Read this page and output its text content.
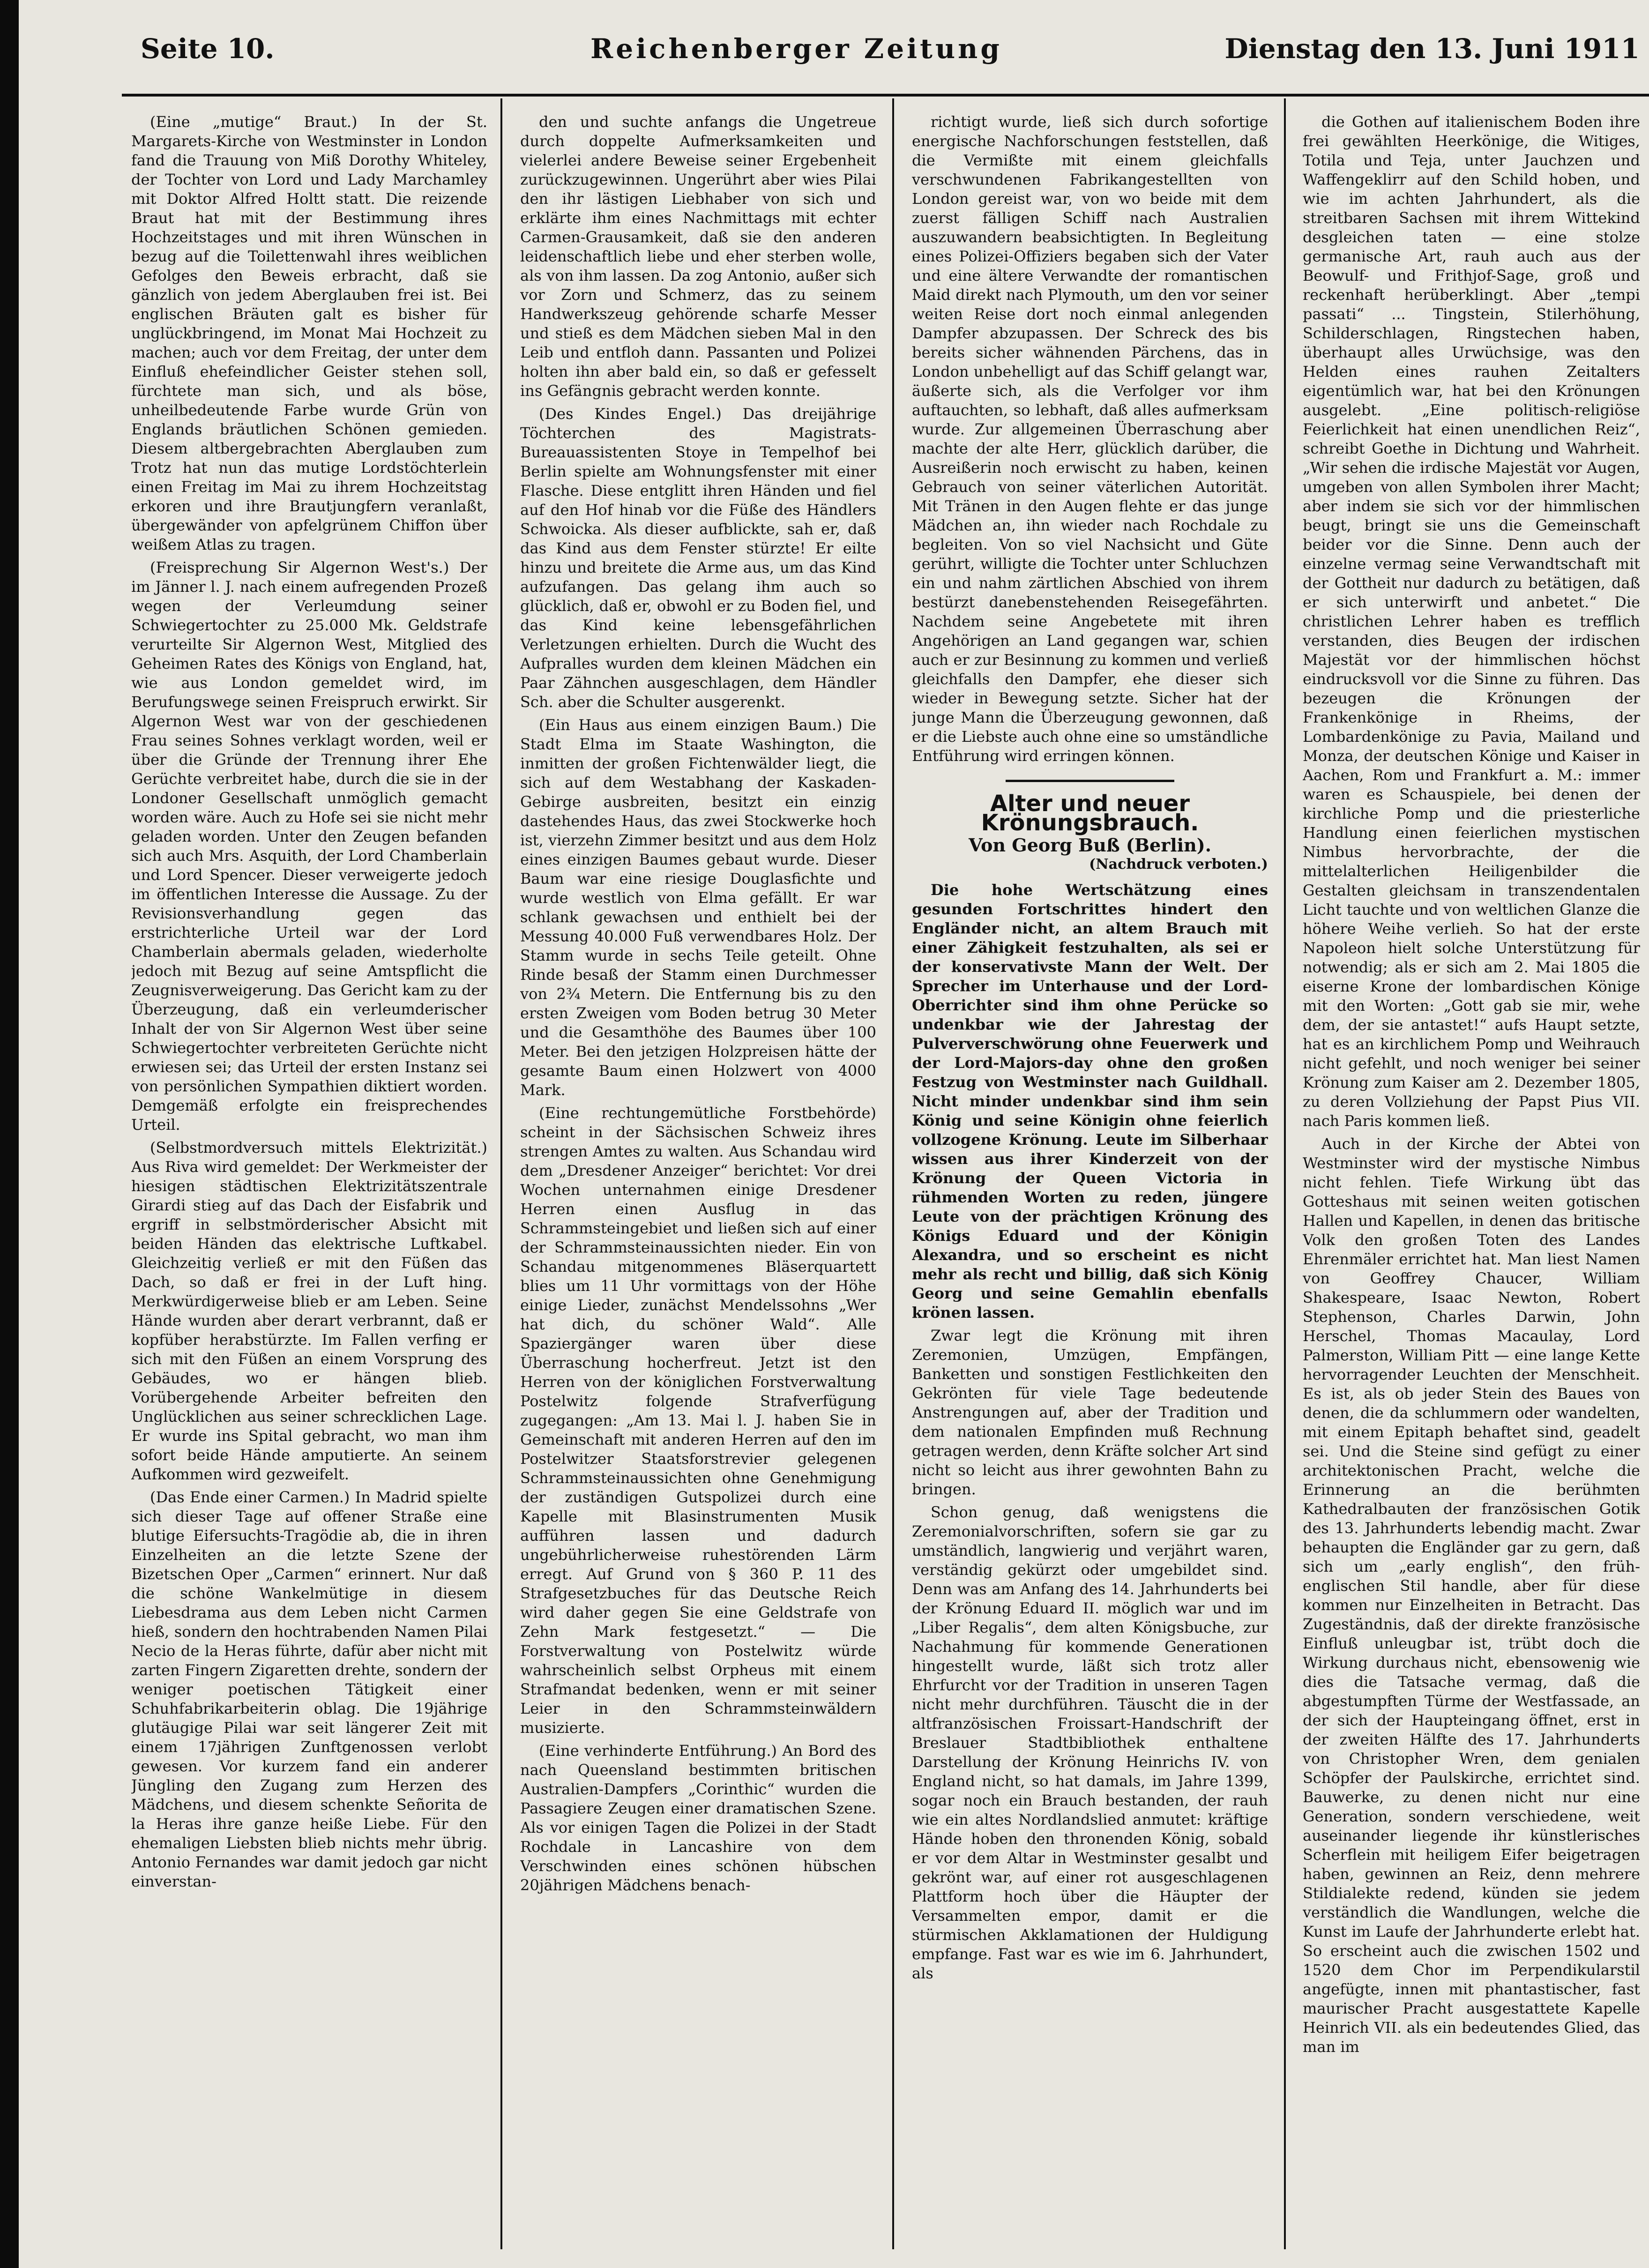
Seite 10.	Reichenberger Zeitung	Dienstag den 13. Juni 1911

(Eine „mutige“ Braut.) In der St. Margarets-Kirche von Westminster in London fand die Trauung von Miß Dorothy Whiteley, der Tochter von Lord und Lady Marchamley mit Doktor Alfred Holtt statt. Die reizende Braut hat mit der Bestimmung ihres Hochzeitstages und mit ihren Wünschen in bezug auf die Toilettenwahl ihres weiblichen Gefolges den Beweis erbracht, daß sie gänzlich von jedem Aberglauben frei ist. Bei englischen Bräuten galt es bisher für unglückbringend, im Monat Mai Hochzeit zu machen; auch vor dem Freitag, der unter dem Einfluß ehefeindlicher Geister stehen soll, fürchtete man sich, und als böse, unheilbedeutende Farbe wurde Grün von Englands bräutlichen Schönen gemieden. Diesem altbergebrachten Aberglauben zum Trotz hat nun das mutige Lordstöchterlein einen Freitag im Mai zu ihrem Hochzeitstag erkoren und ihre Brautjungfern veranlaßt, übergewänder von apfelgrünem Chiffon über weißem Atlas zu tragen.

(Freisprechung Sir Algernon West's.) Der im Jänner l. J. nach einem aufregenden Prozeß wegen der Verleumdung seiner Schwiegertochter zu 25.000 Mk. Geldstrafe verurteilte Sir Algernon West, Mitglied des Geheimen Rates des Königs von England, hat, wie aus London gemeldet wird, im Berufungswege seinen Freispruch erwirkt. Sir Algernon West war von der geschiedenen Frau seines Sohnes verklagt worden, weil er über die Gründe der Trennung ihrer Ehe Gerüchte verbreitet habe, durch die sie in der Londoner Gesellschaft unmöglich gemacht worden wäre. Auch zu Hofe sei sie nicht mehr geladen worden. Unter den Zeugen befanden sich auch Mrs. Asquith, der Lord Chamberlain und Lord Spencer. Dieser verweigerte jedoch im öffentlichen Interesse die Aussage. Zu der Revisionsverhandlung gegen das erstrichterliche Urteil war der Lord Chamberlain abermals geladen, wiederholte jedoch mit Bezug auf seine Amtspflicht die Zeugnisverweigerung. Das Gericht kam zu der Überzeugung, daß ein verleumderischer Inhalt der von Sir Algernon West über seine Schwiegertochter verbreiteten Gerüchte nicht erwiesen sei; das Urteil der ersten Instanz sei von persönlichen Sympathien diktiert worden. Demgemäß erfolgte ein freisprechendes Urteil.

(Selbstmordversuch mittels Elektrizität.) Aus Riva wird gemeldet: Der Werkmeister der hiesigen städtischen Elektrizitätszentrale Girardi stieg auf das Dach der Eisfabrik und ergriff in selbstmörderischer Absicht mit beiden Händen das elektrische Luftkabel. Gleichzeitig verließ er mit den Füßen das Dach, so daß er frei in der Luft hing. Merkwürdigerweise blieb er am Leben. Seine Hände wurden aber derart verbrannt, daß er kopfüber herabstürzte. Im Fallen verfing er sich mit den Füßen an einem Vorsprung des Gebäudes, wo er hängen blieb. Vorübergehende Arbeiter befreiten den Unglücklichen aus seiner schrecklichen Lage. Er wurde ins Spital gebracht, wo man ihm sofort beide Hände amputierte. An seinem Aufkommen wird gezweifelt.

(Das Ende einer Carmen.) In Madrid spielte sich dieser Tage auf offener Straße eine blutige Eifersuchts-Tragödie ab, die in ihren Einzelheiten an die letzte Szene der Bizetschen Oper „Carmen“ erinnert. Nur daß die schöne Wankelmütige in diesem Liebesdrama aus dem Leben nicht Carmen hieß, sondern den hochtrabenden Namen Pilai Necio de la Heras führte, dafür aber nicht mit zarten Fingern Zigaretten drehte, sondern der weniger poetischen Tätigkeit einer Schuhfabrikarbeiterin oblag. Die 19jährige glutäugige Pilai war seit längerer Zeit mit einem 17jährigen Zunftgenossen verlobt gewesen. Vor kurzem fand ein anderer Jüngling den Zugang zum Herzen des Mädchens, und diesem schenkte Señorita de la Heras ihre ganze heiße Liebe. Für den ehemaligen Liebsten blieb nichts mehr übrig. Antonio Fernandes war damit jedoch gar nicht einverstan-

den und suchte anfangs die Ungetreue durch doppelte Aufmerksamkeiten und vielerlei andere Beweise seiner Ergebenheit zurückzugewinnen. Ungerührt aber wies Pilai den ihr lästigen Liebhaber von sich und erklärte ihm eines Nachmittags mit echter Carmen-Grausamkeit, daß sie den anderen leidenschaftlich liebe und eher sterben wolle, als von ihm lassen. Da zog Antonio, außer sich vor Zorn und Schmerz, das zu seinem Handwerkszeug gehörende scharfe Messer und stieß es dem Mädchen sieben Mal in den Leib und entfloh dann. Passanten und Polizei holten ihn aber bald ein, so daß er gefesselt ins Gefängnis gebracht werden konnte.

(Des Kindes Engel.) Das dreijährige Töchterchen des Magistrats-Bureauassistenten Stoye in Tempelhof bei Berlin spielte am Wohnungsfenster mit einer Flasche. Diese entglitt ihren Händen und fiel auf den Hof hinab vor die Füße des Händlers Schwoicka. Als dieser aufblickte, sah er, daß das Kind aus dem Fenster stürzte! Er eilte hinzu und breitete die Arme aus, um das Kind aufzufangen. Das gelang ihm auch so glücklich, daß er, obwohl er zu Boden fiel, und das Kind keine lebensgefährlichen Verletzungen erhielten. Durch die Wucht des Aufpralles wurden dem kleinen Mädchen ein Paar Zähnchen ausgeschlagen, dem Händler Sch. aber die Schulter ausgerenkt.

(Ein Haus aus einem einzigen Baum.) Die Stadt Elma im Staate Washington, die inmitten der großen Fichtenwälder liegt, die sich auf dem Westabhang der Kaskaden-Gebirge ausbreiten, besitzt ein einzig dastehendes Haus, das zwei Stockwerke hoch ist, vierzehn Zimmer besitzt und aus dem Holz eines einzigen Baumes gebaut wurde. Dieser Baum war eine riesige Douglasfichte und wurde westlich von Elma gefällt. Er war schlank gewachsen und enthielt bei der Messung 40.000 Fuß verwendbares Holz. Der Stamm wurde in sechs Teile geteilt. Ohne Rinde besaß der Stamm einen Durchmesser von 2¾ Metern. Die Entfernung bis zu den ersten Zweigen vom Boden betrug 30 Meter und die Gesamthöhe des Baumes über 100 Meter. Bei den jetzigen Holzpreisen hätte der gesamte Baum einen Holzwert von 4000 Mark.

(Eine rechtungemütliche Forstbehörde) scheint in der Sächsischen Schweiz ihres strengen Amtes zu walten. Aus Schandau wird dem „Dresdener Anzeiger“ berichtet: Vor drei Wochen unternahmen einige Dresdener Herren einen Ausflug in das Schrammsteingebiet und ließen sich auf einer der Schrammsteinaussichten nieder. Ein von Schandau mitgenommenes Bläserquartett blies um 11 Uhr vormittags von der Höhe einige Lieder, zunächst Mendelssohns „Wer hat dich, du schöner Wald“. Alle Spaziergänger waren über diese Überraschung hocherfreut. Jetzt ist den Herren von der königlichen Forstverwaltung Postelwitz folgende Strafverfügung zugegangen: „Am 13. Mai l. J. haben Sie in Gemeinschaft mit anderen Herren auf den im Postelwitzer Staatsforstrevier gelegenen Schrammsteinaussichten ohne Genehmigung der zuständigen Gutspolizei durch eine Kapelle mit Blasinstrumenten Musik aufführen lassen und dadurch ungebührlicherweise ruhestörenden Lärm erregt. Auf Grund von § 360 P. 11 des Strafgesetzbuches für das Deutsche Reich wird daher gegen Sie eine Geldstrafe von Zehn Mark festgesetzt.“ — Die Forstverwaltung von Postelwitz würde wahrscheinlich selbst Orpheus mit einem Strafmandat bedenken, wenn er mit seiner Leier in den Schrammsteinwäldern musizierte.

(Eine verhinderte Entführung.) An Bord des nach Queensland bestimmten britischen Australien-Dampfers „Corinthic“ wurden die Passagiere Zeugen einer dramatischen Szene. Als vor einigen Tagen die Polizei in der Stadt Rochdale in Lancashire von dem Verschwinden eines schönen hübschen 20jährigen Mädchens benach-

richtigt wurde, ließ sich durch sofortige energische Nachforschungen feststellen, daß die Vermißte mit einem gleichfalls verschwundenen Fabrikangestellten von London gereist war, von wo beide mit dem zuerst fälligen Schiff nach Australien auszuwandern beabsichtigten. In Begleitung eines Polizei-Offiziers begaben sich der Vater und eine ältere Verwandte der romantischen Maid direkt nach Plymouth, um den vor seiner weiten Reise dort noch einmal anlegenden Dampfer abzupassen. Der Schreck des bis bereits sicher wähnenden Pärchens, das in London unbehelligt auf das Schiff gelangt war, äußerte sich, als die Verfolger vor ihm auftauchten, so lebhaft, daß alles aufmerksam wurde. Zur allgemeinen Überraschung aber machte der alte Herr, glücklich darüber, die Ausreißerin noch erwischt zu haben, keinen Gebrauch von seiner väterlichen Autorität. Mit Tränen in den Augen flehte er das junge Mädchen an, ihn wieder nach Rochdale zu begleiten. Von so viel Nachsicht und Güte gerührt, willigte die Tochter unter Schluchzen ein und nahm zärtlichen Abschied von ihrem bestürzt danebenstehenden Reisegefährten. Nachdem seine Angebetete mit ihren Angehörigen an Land gegangen war, schien auch er zur Besinnung zu kommen und verließ gleichfalls den Dampfer, ehe dieser sich wieder in Bewegung setzte. Sicher hat der junge Mann die Überzeugung gewonnen, daß er die Liebste auch ohne eine so umständliche Entführung wird erringen können.

Alter und neuer Krönungsbrauch.
Von Georg Buß (Berlin).
(Nachdruck verboten.)

Die hohe Wertschätzung eines gesunden Fortschrittes hindert den Engländer nicht, an altem Brauch mit einer Zähigkeit festzuhalten, als sei er der konservativste Mann der Welt. Der Sprecher im Unterhause und der Lord-Oberrichter sind ihm ohne Perücke so undenkbar wie der Jahrestag der Pulververschwörung ohne Feuerwerk und der Lord-Majors-day ohne den großen Festzug von Westminster nach Guildhall. Nicht minder undenkbar sind ihm sein König und seine Königin ohne feierlich vollzogene Krönung. Leute im Silberhaar wissen aus ihrer Kinderzeit von der Krönung der Queen Victoria in rühmenden Worten zu reden, jüngere Leute von der prächtigen Krönung des Königs Eduard und der Königin Alexandra, und so erscheint es nicht mehr als recht und billig, daß sich König Georg und seine Gemahlin ebenfalls krönen lassen.

Zwar legt die Krönung mit ihren Zeremonien, Umzügen, Empfängen, Banketten und sonstigen Festlichkeiten den Gekrönten für viele Tage bedeutende Anstrengungen auf, aber der Tradition und dem nationalen Empfinden muß Rechnung getragen werden, denn Kräfte solcher Art sind nicht so leicht aus ihrer gewohnten Bahn zu bringen.

Schon genug, daß wenigstens die Zeremonialvorschriften, sofern sie gar zu umständlich, langwierig und verjährt waren, verständig gekürzt oder umgebildet sind. Denn was am Anfang des 14. Jahrhunderts bei der Krönung Eduard II. möglich war und im „Liber Regalis“, dem alten Königsbuche, zur Nachahmung für kommende Generationen hingestellt wurde, läßt sich trotz aller Ehrfurcht vor der Tradition in unseren Tagen nicht mehr durchführen. Täuscht die in der altfranzösischen Froissart-Handschrift der Breslauer Stadtbibliothek enthaltene Darstellung der Krönung Heinrichs IV. von England nicht, so hat damals, im Jahre 1399, sogar noch ein Brauch bestanden, der rauh wie ein altes Nordlandslied anmutet: kräftige Hände hoben den thronenden König, sobald er vor dem Altar in Westminster gesalbt und gekrönt war, auf einer rot ausgeschlagenen Plattform hoch über die Häupter der Versammelten empor, damit er die stürmischen Akklamationen der Huldigung empfange. Fast war es wie im 6. Jahrhundert, als

die Gothen auf italienischem Boden ihre frei gewählten Heerkönige, die Witiges, Totila und Teja, unter Jauchzen und Waffengeklirr auf den Schild hoben, und wie im achten Jahrhundert, als die streitbaren Sachsen mit ihrem Wittekind desgleichen taten — eine stolze germanische Art, rauh auch aus der Beowulf- und Frithjof-Sage, groß und reckenhaft herüberklingt. Aber „tempi passati“ ... Tingstein, Stilerhöhung, Schilderschlagen, Ringstechen haben, überhaupt alles Urwüchsige, was den Helden eines rauhen Zeitalters eigentümlich war, hat bei den Krönungen ausgelebt. „Eine politisch-religiöse Feierlichkeit hat einen unendlichen Reiz“, schreibt Goethe in Dichtung und Wahrheit. „Wir sehen die irdische Majestät vor Augen, umgeben von allen Symbolen ihrer Macht; aber indem sie sich vor der himmlischen beugt, bringt sie uns die Gemeinschaft beider vor die Sinne. Denn auch der einzelne vermag seine Verwandtschaft mit der Gottheit nur dadurch zu betätigen, daß er sich unterwirft und anbetet.“ Die christlichen Lehrer haben es trefflich verstanden, dies Beugen der irdischen Majestät vor der himmlischen höchst eindrucksvoll vor die Sinne zu führen. Das bezeugen die Krönungen der Frankenkönige in Rheims, der Lombardenkönige zu Pavia, Mailand und Monza, der deutschen Könige und Kaiser in Aachen, Rom und Frankfurt a. M.: immer waren es Schauspiele, bei denen der kirchliche Pomp und die priesterliche Handlung einen feierlichen mystischen Nimbus hervorbrachte, der die mittelalterlichen Heiligenbilder die Gestalten gleichsam in transzendentalen Licht tauchte und von weltlichen Glanze die höhere Weihe verlieh. So hat der erste Napoleon hielt solche Unterstützung für notwendig; als er sich am 2. Mai 1805 die eiserne Krone der lombardischen Könige mit den Worten: „Gott gab sie mir, wehe dem, der sie antastet!“ aufs Haupt setzte, hat es an kirchlichem Pomp und Weihrauch nicht gefehlt, und noch weniger bei seiner Krönung zum Kaiser am 2. Dezember 1805, zu deren Vollziehung der Papst Pius VII. nach Paris kommen ließ.

Auch in der Kirche der Abtei von Westminster wird der mystische Nimbus nicht fehlen. Tiefe Wirkung übt das Gotteshaus mit seinen weiten gotischen Hallen und Kapellen, in denen das britische Volk den großen Toten des Landes Ehrenmäler errichtet hat. Man liest Namen von Geoffrey Chaucer, William Shakespeare, Isaac Newton, Robert Stephenson, Charles Darwin, John Herschel, Thomas Macaulay, Lord Palmerston, William Pitt — eine lange Kette hervorragender Leuchten der Menschheit. Es ist, als ob jeder Stein des Baues von denen, die da schlummern oder wandelten, mit einem Epitaph behaftet sind, geadelt sei. Und die Steine sind gefügt zu einer architektonischen Pracht, welche die Erinnerung an die berühmten Kathedralbauten der französischen Gotik des 13. Jahrhunderts lebendig macht. Zwar behaupten die Engländer gar zu gern, daß sich um „early english“, den früh-englischen Stil handle, aber für diese kommen nur Einzelheiten in Betracht. Das Zugeständnis, daß der direkte französische Einfluß unleugbar ist, trübt doch die Wirkung durchaus nicht, ebensowenig wie dies die Tatsache vermag, daß die abgestumpften Türme der Westfassade, an der sich der Haupteingang öffnet, erst in der zweiten Hälfte des 17. Jahrhunderts von Christopher Wren, dem genialen Schöpfer der Paulskirche, errichtet sind. Bauwerke, zu denen nicht nur eine Generation, sondern verschiedene, weit auseinander liegende ihr künstlerisches Scherflein mit heiligem Eifer beigetragen haben, gewinnen an Reiz, denn mehrere Stildialekte redend, künden sie jedem verständlich die Wandlungen, welche die Kunst im Laufe der Jahrhunderte erlebt hat. So erscheint auch die zwischen 1502 und 1520 dem Chor im Perpendikularstil angefügte, innen mit phantastischer, fast maurischer Pracht ausgestattete Kapelle Heinrich VII. als ein bedeutendes Glied, das man im
